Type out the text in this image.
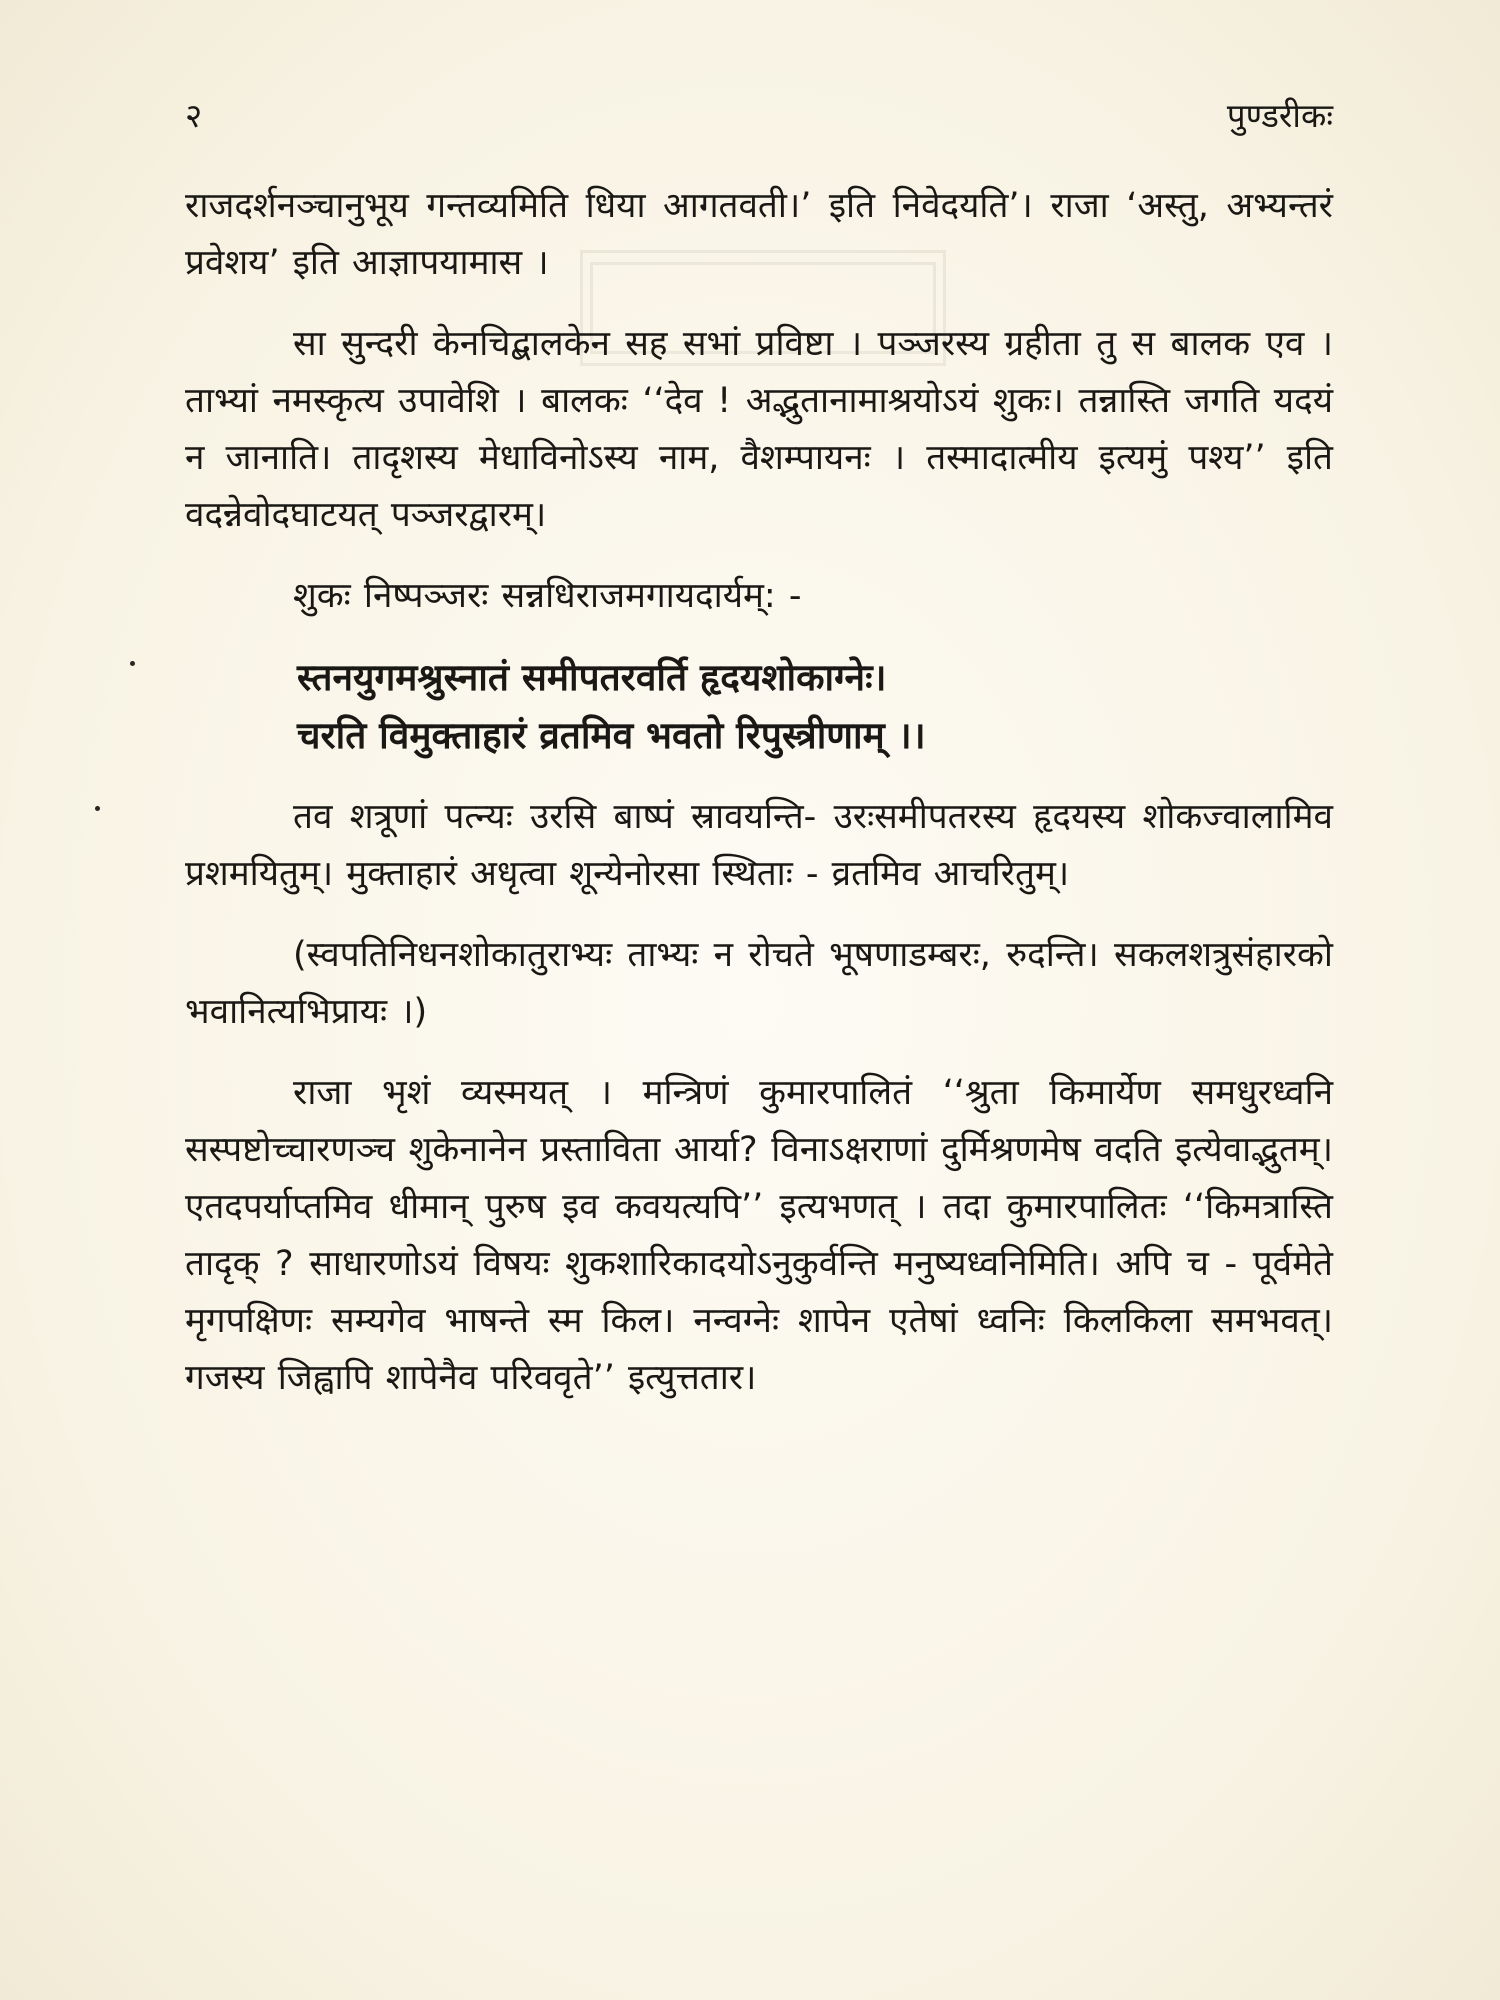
२	पुण्डरीकः

राजदर्शनञ्चानुभूय गन्तव्यमिति धिया आगतवती।’ इति निवेदयति’। राजा ‘अस्तु, अभ्यन्तरं प्रवेशय’ इति आज्ञापयामास ।

सा सुन्दरी केनचिद्बालकेन सह सभां प्रविष्टा । पञ्जरस्य ग्रहीता तु स बालक एव । ताभ्यां नमस्कृत्य उपावेशि । बालकः ‘‘देव ! अद्भुतानामाश्रयोऽयं शुकः। तन्नास्ति जगति यदयं न जानाति। तादृशस्य मेधाविनोऽस्य नाम, वैशम्पायनः । तस्मादात्मीय इत्यमुं पश्य’’ इति वदन्नेवोदघाटयत् पञ्जरद्वारम्।

शुकः निष्पञ्जरः सन्नधिराजमगायदार्यम्: -

स्तनयुगमश्रुस्नातं समीपतरवर्ति हृदयशोकाग्नेः।
चरति विमुक्ताहारं व्रतमिव भवतो रिपुस्त्रीणाम् ।।

तव शत्रूणां पत्न्यः उरसि बाष्पं स्रावयन्ति- उरःसमीपतरस्य हृदयस्य शोकज्वालामिव प्रशमयितुम्। मुक्ताहारं अधृत्वा शून्येनोरसा स्थिताः - व्रतमिव आचरितुम्।

(स्वपतिनिधनशोकातुराभ्यः ताभ्यः न रोचते भूषणाडम्बरः, रुदन्ति। सकलशत्रुसंहारको भवानित्यभिप्रायः ।)

राजा भृशं व्यस्मयत् । मन्त्रिणं कुमारपालितं ‘‘श्रुता किमार्येण समधुरध्वनि सस्पष्टोच्चारणञ्च शुकेनानेन प्रस्ताविता आर्या? विनाऽक्षराणां दुर्मिश्रणमेष वदति इत्येवाद्भुतम्। एतदपर्याप्तमिव धीमान् पुरुष इव कवयत्यपि’’ इत्यभणत् । तदा कुमारपालितः ‘‘किमत्रास्ति तादृक् ? साधारणोऽयं विषयः शुकशारिकादयोऽनुकुर्वन्ति मनुष्यध्वनिमिति। अपि च - पूर्वमेते मृगपक्षिणः सम्यगेव भाषन्ते स्म किल। नन्वग्नेः शापेन एतेषां ध्वनिः किलकिला समभवत्। गजस्य जिह्वापि शापेनैव परिववृते’’ इत्युत्ततार।
